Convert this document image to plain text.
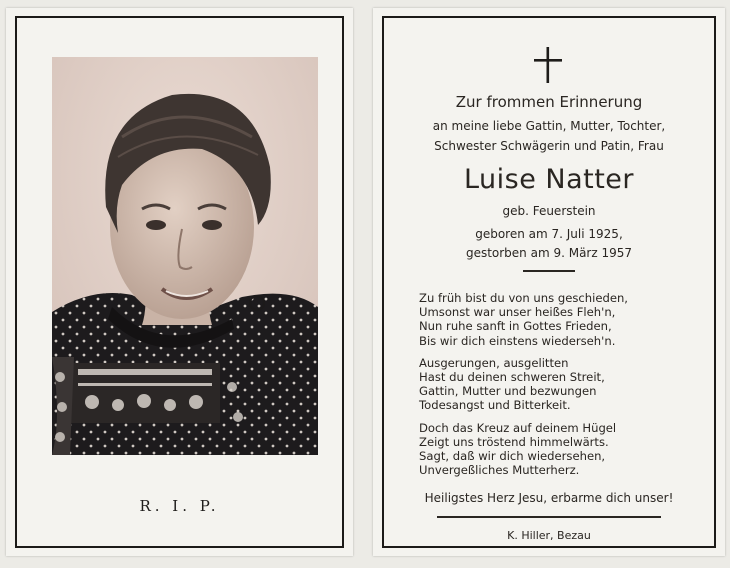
R. I. P.
Zur frommen Erinnerung
an meine liebe Gattin, Mutter, Tochter,
Schwester Schwägerin und Patin, Frau
Luise Natter
geb. Feuerstein
geboren am 7. Juli 1925,
gestorben am 9. März 1957
Zu früh bist du von uns geschieden,
Umsonst war unser heißes Fleh'n,
Nun ruhe sanft in Gottes Frieden,
Bis wir dich einstens wiederseh'n.
Ausgerungen, ausgelitten
Hast du deinen schweren Streit,
Gattin, Mutter und bezwungen
Todesangst und Bitterkeit.
Doch das Kreuz auf deinem Hügel
Zeigt uns tröstend himmelwärts.
Sagt, daß wir dich wiedersehen,
Unvergeßliches Mutterherz.
Heiligstes Herz Jesu, erbarme dich unser!
K. Hiller, Bezau
